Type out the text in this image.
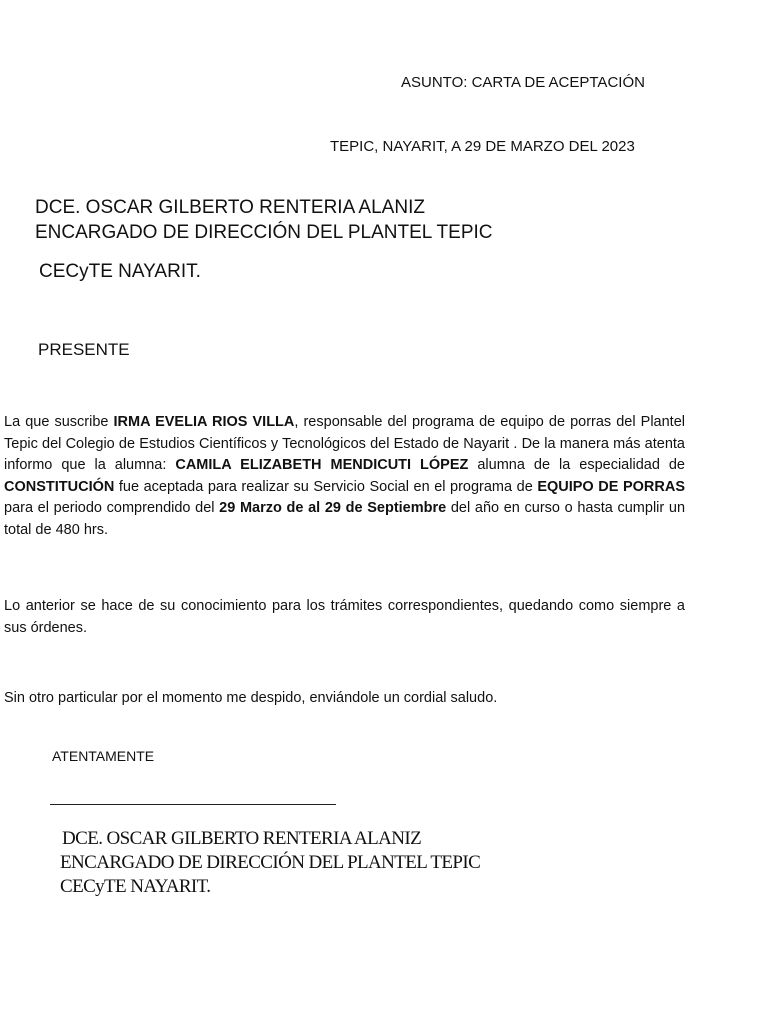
ASUNTO: CARTA DE ACEPTACIÓN
TEPIC, NAYARIT, A 29 DE MARZO DEL 2023
DCE. OSCAR GILBERTO RENTERIA ALANIZ
ENCARGADO DE DIRECCIÓN DEL PLANTEL TEPIC
CECyTE NAYARIT.
PRESENTE
La que suscribe IRMA EVELIA RIOS VILLA, responsable del programa de equipo de porras del Plantel Tepic del Colegio de Estudios Científicos y Tecnológicos del Estado de Nayarit . De la manera más atenta informo que la alumna: CAMILA ELIZABETH MENDICUTI LÓPEZ alumna de la especialidad de CONSTITUCIÓN fue aceptada para realizar su Servicio Social en el programa de EQUIPO DE PORRAS para el periodo comprendido del 29 Marzo de al 29 de Septiembre del año en curso o hasta cumplir un total de 480 hrs.
Lo anterior se hace de su conocimiento para los trámites correspondientes, quedando como siempre a sus órdenes.
Sin otro particular por el momento me despido, enviándole un cordial saludo.
ATENTAMENTE
DCE. OSCAR GILBERTO RENTERIA ALANIZ
ENCARGADO DE DIRECCIÓN DEL PLANTEL TEPIC
CECyTE NAYARIT.
